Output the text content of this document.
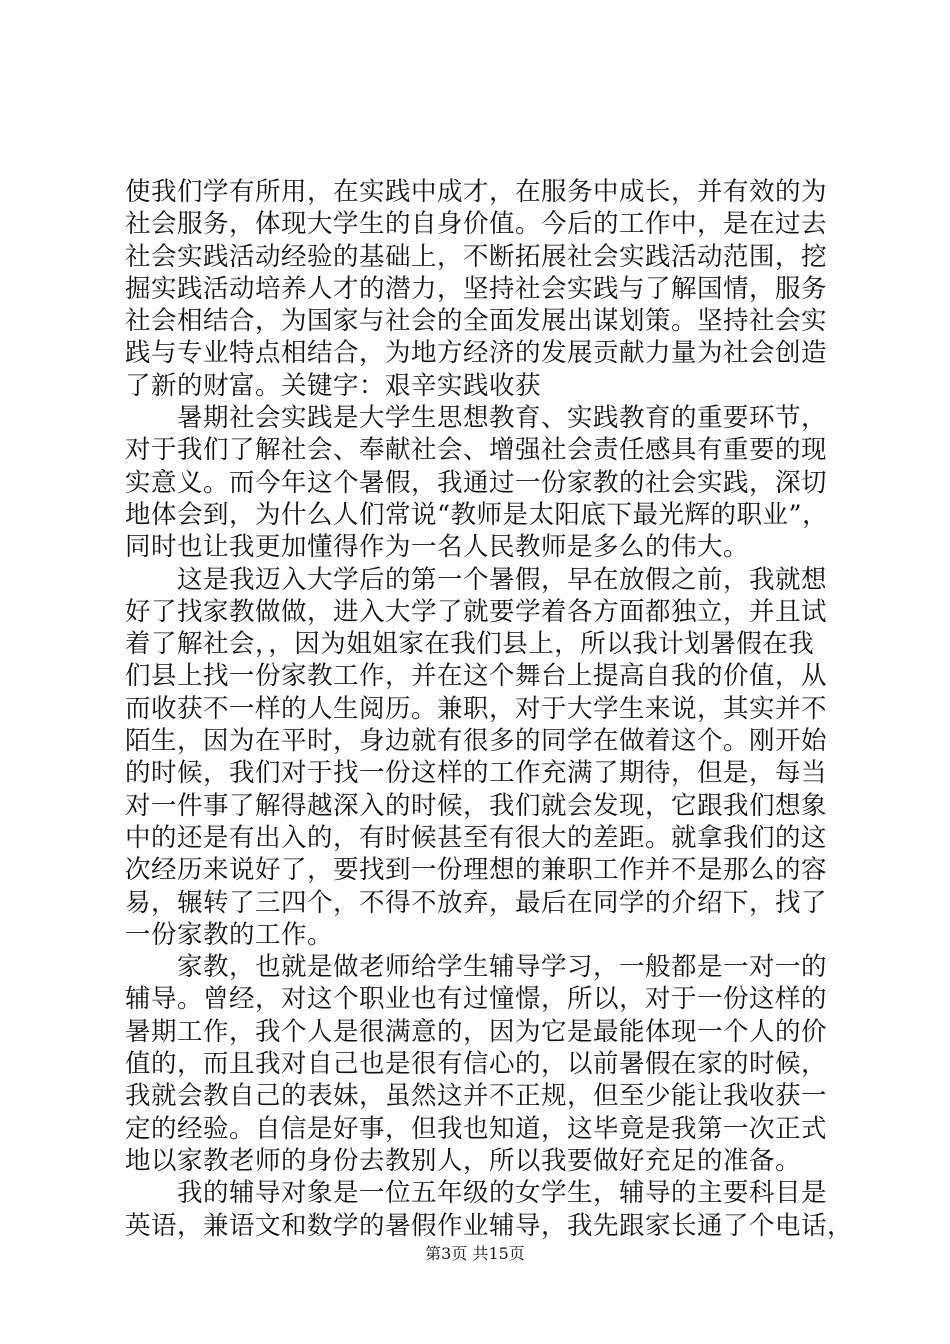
使我们学有所用，在实践中成才，在服务中成长，并有效的为
社会服务，体现大学生的自身价值。今后的工作中，是在过去
社会实践活动经验的基础上，不断拓展社会实践活动范围，挖
掘实践活动培养人才的潜力，坚持社会实践与了解国情，服务
社会相结合，为国家与社会的全面发展出谋划策。坚持社会实
践与专业特点相结合，为地方经济的发展贡献力量为社会创造
了新的财富。关键字：艰辛实践收获
暑期社会实践是大学生思想教育、实践教育的重要环节，
对于我们了解社会、奉献社会、增强社会责任感具有重要的现
实意义。而今年这个暑假，我通过一份家教的社会实践，深切
地体会到，为什么人们常说“教师是太阳底下最光辉的职业”，
同时也让我更加懂得作为一名人民教师是多么的伟大。
这是我迈入大学后的第一个暑假，早在放假之前，我就想
好了找家教做做，进入大学了就要学着各方面都独立，并且试
着了解社会，，因为姐姐家在我们县上，所以我计划暑假在我
们县上找一份家教工作，并在这个舞台上提高自我的价值，从
而收获不一样的人生阅历。兼职，对于大学生来说，其实并不
陌生，因为在平时，身边就有很多的同学在做着这个。刚开始
的时候，我们对于找一份这样的工作充满了期待，但是，每当
对一件事了解得越深入的时候，我们就会发现，它跟我们想象
中的还是有出入的，有时候甚至有很大的差距。就拿我们的这
次经历来说好了，要找到一份理想的兼职工作并不是那么的容
易，辗转了三四个，不得不放弃，最后在同学的介绍下，找了
一份家教的工作。
家教，也就是做老师给学生辅导学习，一般都是一对一的
辅导。曾经，对这个职业也有过憧憬，所以，对于一份这样的
暑期工作，我个人是很满意的，因为它是最能体现一个人的价
值的，而且我对自己也是很有信心的，以前暑假在家的时候，
我就会教自己的表妹，虽然这并不正规，但至少能让我收获一
定的经验。自信是好事，但我也知道，这毕竟是我第一次正式
地以家教老师的身份去教别人，所以我要做好充足的准备。
我的辅导对象是一位五年级的女学生，辅导的主要科目是
英语，兼语文和数学的暑假作业辅导，我先跟家长通了个电话，
第3页 共15页
